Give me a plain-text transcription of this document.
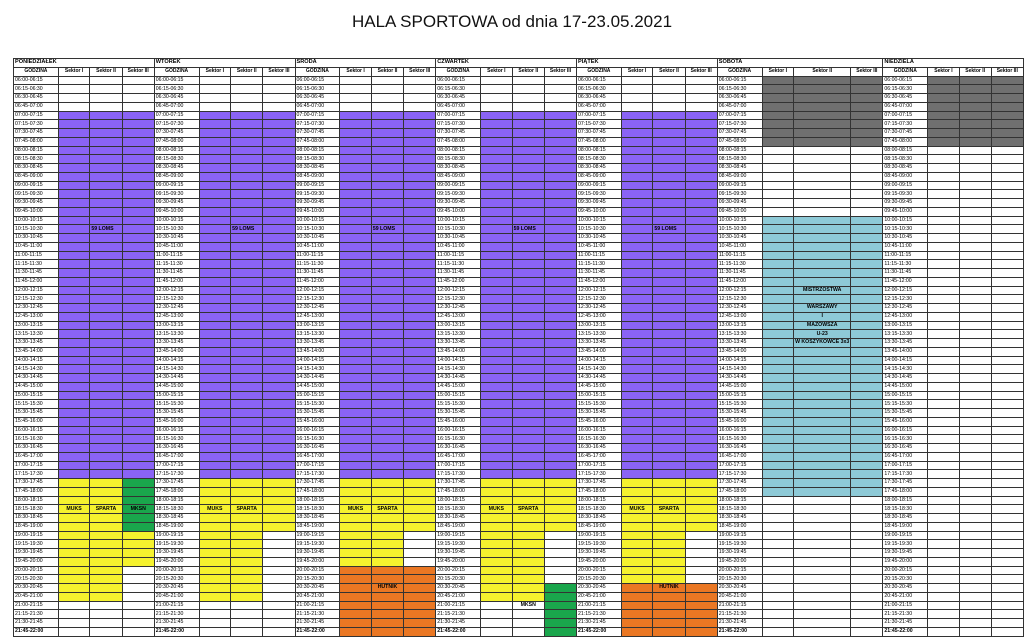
HALA SPORTOWA od dnia 17-23.05.2021
PONIEDZIAŁEK				WTOREK				ŚRODA				CZWARTEK				PIĄTEK				SOBOTA				NIEDZIELA			
GODZINA	Sektor I	Sektor II	Sektor III	GODZINA	Sektor I	Sektor II	Sektor III	GODZINA	Sektor I	Sektor II	Sektor III	GODZINA	Sektor I	Sektor II	Sektor III	GODZINA	Sektor I	Sektor II	Sektor III	GODZINA	Sektor I	Sektor II	Sektor III	GODZINA	Sektor I	Sektor II	Sektor III
06:00-06:15				06:00-06:15				06:00-06:15				06:00-06:15				06:00-06:15				06:00-06:15				06:00-06:15			
06:15-06:30				06:15-06:30				06:15-06:30				06:15-06:30				06:15-06:30				06:15-06:30				06:15-06:30			
06:30-06:45				06:30-06:45				06:30-06:45				06:30-06:45				06:30-06:45				06:30-06:45				06:30-06:45			
06:45-07:00				06:45-07:00				06:45-07:00				06:45-07:00				06:45-07:00				06:45-07:00				06:45-07:00			
07:00-07:15				07:00-07:15				07:00-07:15				07:00-07:15				07:00-07:15				07:00-07:15				07:00-07:15			
07:15-07:30				07:15-07:30				07:15-07:30				07:15-07:30				07:15-07:30				07:15-07:30				07:15-07:30			
07:30-07:45				07:30-07:45				07:30-07:45				07:30-07:45				07:30-07:45				07:30-07:45				07:30-07:45			
07:45-08:00				07:45-08:00				07:45-08:00				07:45-08:00				07:45-08:00				07:45-08:00				07:45-08:00			
08:00-08:15				08:00-08:15				08:00-08:15				08:00-08:15				08:00-08:15				08:00-08:15				08:00-08:15			
08:15-08:30				08:15-08:30				08:15-08:30				08:15-08:30				08:15-08:30				08:15-08:30				08:15-08:30			
08:30-08:45				08:30-08:45				08:30-08:45				08:30-08:45				08:30-08:45				08:30-08:45				08:30-08:45			
08:45-09:00				08:45-09:00				08:45-09:00				08:45-09:00				08:45-09:00				08:45-09:00				08:45-09:00			
09:00-09:15				09:00-09:15				09:00-09:15				09:00-09:15				09:00-09:15				09:00-09:15				09:00-09:15			
09:15-09:30				09:15-09:30				09:15-09:30				09:15-09:30				09:15-09:30				09:15-09:30				09:15-09:30			
09:30-09:45				09:30-09:45				09:30-09:45				09:30-09:45				09:30-09:45				09:30-09:45				09:30-09:45			
09:45-10:00				09:45-10:00				09:45-10:00				09:45-10:00				09:45-10:00				09:45-10:00				09:45-10:00			
10:00-10:15				10:00-10:15				10:00-10:15				10:00-10:15				10:00-10:15				10:00-10:15				10:00-10:15			
10:15-10:30		59 LOMS		10:15-10:30		59 LOMS		10:15-10:30		59 LOMS		10:15-10:30		59 LOMS		10:15-10:30		59 LOMS		10:15-10:30				10:15-10:30			
10:30-10:45				10:30-10:45				10:30-10:45				10:30-10:45				10:30-10:45				10:30-10:45				10:30-10:45			
10:45-11:00				10:45-11:00				10:45-11:00				10:45-11:00				10:45-11:00				10:45-11:00				10:45-11:00			
11:00-11:15				11:00-11:15				11:00-11:15				11:00-11:15				11:00-11:15				11:00-11:15				11:00-11:15			
11:15-11:30				11:15-11:30				11:15-11:30				11:15-11:30				11:15-11:30				11:15-11:30				11:15-11:30			
11:30-11:45				11:30-11:45				11:30-11:45				11:30-11:45				11:30-11:45				11:30-11:45				11:30-11:45			
11:45-12:00				11:45-12:00				11:45-12:00				11:45-12:00				11:45-12:00				11:45-12:00				11:45-12:00			
12:00-12:15				12:00-12:15				12:00-12:15				12:00-12:15				12:00-12:15				12:00-12:15		MISTRZOSTWA		12:00-12:15			
12:15-12:30				12:15-12:30				12:15-12:30				12:15-12:30				12:15-12:30				12:15-12:30				12:15-12:30			
12:30-12:45				12:30-12:45				12:30-12:45				12:30-12:45				12:30-12:45				12:30-12:45		WARSZAWY		12:30-12:45			
12:45-13:00				12:45-13:00				12:45-13:00				12:45-13:00				12:45-13:00				12:45-13:00		I		12:45-13:00			
13:00-13:15				13:00-13:15				13:00-13:15				13:00-13:15				13:00-13:15				13:00-13:15		MAZOWSZA		13:00-13:15			
13:15-13:30				13:15-13:30				13:15-13:30				13:15-13:30				13:15-13:30				13:15-13:30		U-23		13:15-13:30			
13:30-13:45				13:30-13:45				13:30-13:45				13:30-13:45				13:30-13:45				13:30-13:45		W KOSZYKÓWCE 3x3		13:30-13:45			
13:45-14:00				13:45-14:00				13:45-14:00				13:45-14:00				13:45-14:00				13:45-14:00				13:45-14:00			
14:00-14:15				14:00-14:15				14:00-14:15				14:00-14:15				14:00-14:15				14:00-14:15				14:00-14:15			
14:15-14:30				14:15-14:30				14:15-14:30				14:15-14:30				14:15-14:30				14:15-14:30				14:15-14:30			
14:30-14:45				14:30-14:45				14:30-14:45				14:30-14:45				14:30-14:45				14:30-14:45				14:30-14:45			
14:45-15:00				14:45-15:00				14:45-15:00				14:45-15:00				14:45-15:00				14:45-15:00				14:45-15:00			
15:00-15:15				15:00-15:15				15:00-15:15				15:00-15:15				15:00-15:15				15:00-15:15				15:00-15:15			
15:15-15:30				15:15-15:30				15:15-15:30				15:15-15:30				15:15-15:30				15:15-15:30				15:15-15:30			
15:30-15:45				15:30-15:45				15:30-15:45				15:30-15:45				15:30-15:45				15:30-15:45				15:30-15:45			
15:45-16:00				15:45-16:00				15:45-16:00				15:45-16:00				15:45-16:00				15:45-16:00				15:45-16:00			
16:00-16:15				16:00-16:15				16:00-16:15				16:00-16:15				16:00-16:15				16:00-16:15				16:00-16:15			
16:15-16:30				16:15-16:30				16:15-16:30				16:15-16:30				16:15-16:30				16:15-16:30				16:15-16:30			
16:30-16:45				16:30-16:45				16:30-16:45				16:30-16:45				16:30-16:45				16:30-16:45				16:30-16:45			
16:45-17:00				16:45-17:00				16:45-17:00				16:45-17:00				16:45-17:00				16:45-17:00				16:45-17:00			
17:00-17:15				17:00-17:15				17:00-17:15				17:00-17:15				17:00-17:15				17:00-17:15				17:00-17:15			
17:15-17:30				17:15-17:30				17:15-17:30				17:15-17:30				17:15-17:30				17:15-17:30				17:15-17:30			
17:30-17:45				17:30-17:45				17:30-17:45				17:30-17:45				17:30-17:45				17:30-17:45				17:30-17:45			
17:45-18:00				17:45-18:00				17:45-18:00				17:45-18:00				17:45-18:00				17:45-18:00				17:45-18:00			
18:00-18:15				18:00-18:15				18:00-18:15				18:00-18:15				18:00-18:15				18:00-18:15				18:00-18:15			
18:15-18:30	MUKS	SPARTA	MKSN	18:15-18:30	MUKS	SPARTA		18:15-18:30	MUKS	SPARTA		18:15-18:30	MUKS	SPARTA		18:15-18:30	MUKS	SPARTA		18:15-18:30				18:15-18:30			
18:30-18:45				18:30-18:45				18:30-18:45				18:30-18:45				18:30-18:45				18:30-18:45				18:30-18:45			
18:45-19:00				18:45-19:00				18:45-19:00				18:45-19:00				18:45-19:00				18:45-19:00				18:45-19:00			
19:00-19:15				19:00-19:15				19:00-19:15				19:00-19:15				19:00-19:15				19:00-19:15				19:00-19:15			
19:15-19:30				19:15-19:30				19:15-19:30				19:15-19:30				19:15-19:30				19:15-19:30				19:15-19:30			
19:30-19:45				19:30-19:45				19:30-19:45				19:30-19:45				19:30-19:45				19:30-19:45				19:30-19:45			
19:45-20:00				19:45-20:00				19:45-20:00				19:45-20:00				19:45-20:00				19:45-20:00				19:45-20:00			
20:00-20:15				20:00-20:15				20:00-20:15				20:00-20:15				20:00-20:15				20:00-20:15				20:00-20:15			
20:15-20:30				20:15-20:30				20:15-20:30				20:15-20:30				20:15-20:30				20:15-20:30				20:15-20:30			
20:30-20:45				20:30-20:45				20:30-20:45		HUTNIK		20:30-20:45				20:30-20:45		HUTNIK		20:30-20:45				20:30-20:45			
20:45-21:00				20:45-21:00				20:45-21:00				20:45-21:00				20:45-21:00				20:45-21:00				20:45-21:00			
21:00-21:15				21:00-21:15				21:00-21:15				21:00-21:15		MKSN		21:00-21:15				21:00-21:15				21:00-21:15			
21:15-21:30				21:15-21:30				21:15-21:30				21:15-21:30				21:15-21:30				21:15-21:30				21:15-21:30			
21:30-21:45				21:30-21:45				21:30-21:45				21:30-21:45				21:30-21:45				21:30-21:45				21:30-21:45			
21:45-22:00				21:45-22:00				21:45-22:00				21:45-22:00				21:45-22:00				21:45-22:00				21:45-22:00			
